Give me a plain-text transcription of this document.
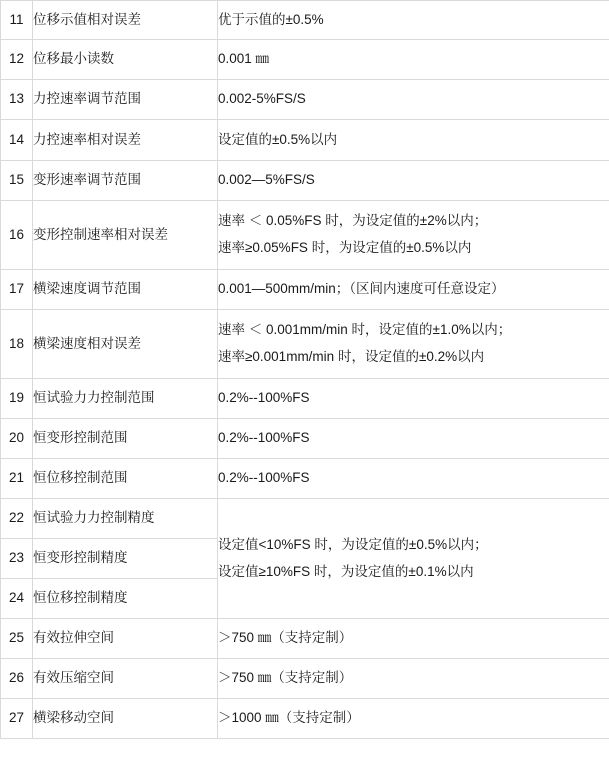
11	位移示值相对误差	优于示值的±0.5%

12	位移最小读数	0.001 ㎜

13	力控速率调节范围	0.002-5%FS/S

14	力控速率相对误差	设定值的±0.5%以内

15	变形速率调节范围	0.002—5%FS/S

16	变形控制速率相对误差	速率 ＜ 0.05%FS 时，为设定值的±2%以内；
速率≥0.05%FS 时，为设定值的±0.5%以内

17	横梁速度调节范围	0.001—500mm/min；（区间内速度可任意设定）

18	横梁速度相对误差	速率 ＜ 0.001mm/min 时，设定值的±1.0%以内；
速率≥0.001mm/min 时，设定值的±0.2%以内

19	恒试验力力控制范围	0.2%--100%FS

20	恒变形控制范围	0.2%--100%FS

21	恒位移控制范围	0.2%--100%FS

22	恒试验力力控制精度	设定值<10%FS 时，为设定值的±0.5%以内；
设定值≥10%FS 时，为设定值的±0.1%以内

23	恒变形控制精度	
24	恒位移控制精度	
25	有效拉伸空间	＞750 ㎜（支持定制）

26	有效压缩空间	＞750 ㎜（支持定制）

27	横梁移动空间	＞1000 ㎜（支持定制）
